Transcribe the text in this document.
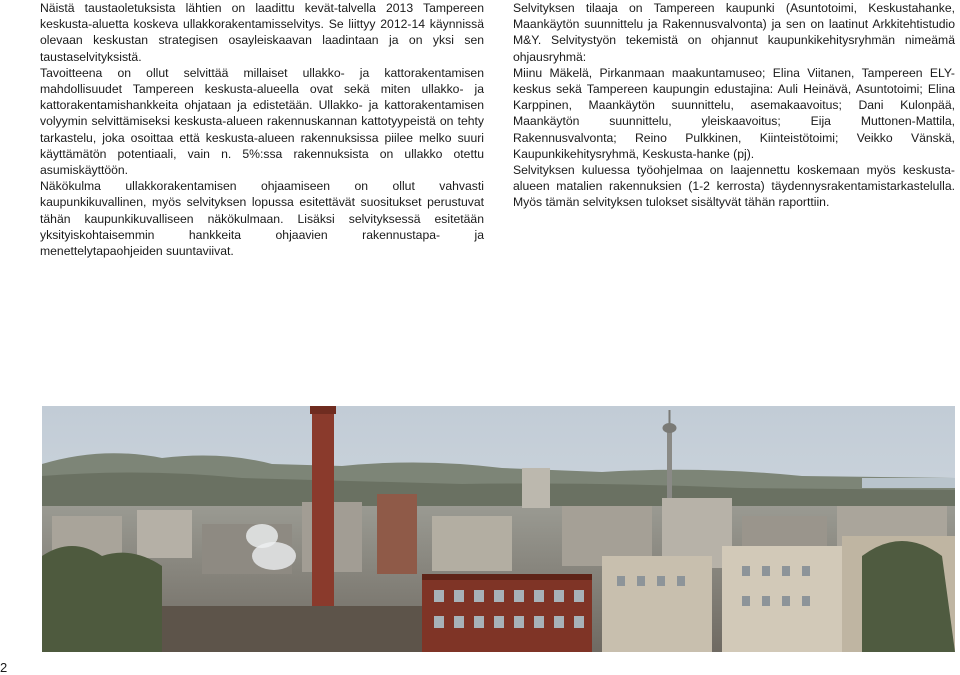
Näistä taustaoletuksista lähtien on laadittu kevät-talvella 2013 Tampereen keskusta-aluetta koskeva ullakkorakentamisselvitys. Se liittyy 2012-14 käynnissä olevaan keskustan strategisen osayleiskaavan laadintaan ja on yksi sen taustaselvityksistä.

Tavoitteena on ollut selvittää millaiset ullakko- ja kattorakentamisen mahdollisuudet Tampereen keskusta-alueella ovat sekä miten ullakko- ja kattorakentamishankkeita ohjataan ja edistetään. Ullakko- ja kattorakentamisen volyymin selvittämiseksi keskusta-alueen rakennuskannan kattotyypeistä on tehty tarkastelu, joka osoittaa että keskusta-alueen rakennuksissa piilee melko suuri käyttämätön potentiaali, vain n. 5%:ssa rakennuksista on ullakko otettu asumiskäyttöön.

Näkökulma ullakkorakentamisen ohjaamiseen on ollut vahvasti kaupunkikuvallinen, myös selvityksen lopussa esitettävät suositukset perustuvat tähän kaupunkikuvalliseen näkökulmaan. Lisäksi selvityksessä esitetään yksityiskohtaisemmin hankkeita ohjaavien rakennustapa- ja menettelytapaohjeiden suuntaviivat.

Selvityksen tilaaja on Tampereen kaupunki (Asuntotoimi, Keskustahanke, Maankäytön suunnittelu ja Rakennusvalvonta) ja sen on laatinut Arkkitehtistudio M&Y. Selvitystyön tekemistä on ohjannut kaupunkikehitysryhmän nimeämä ohjausryhmä:

Miinu Mäkelä, Pirkanmaan maakuntamuseo; Elina Viitanen, Tampereen ELY-keskus sekä Tampereen kaupungin edustajina: Auli Heinävä, Asuntotoimi; Elina Karppinen, Maankäytön suunnittelu, asemakaavoitus; Dani Kulonpää, Maankäytön suunnittelu, yleiskaavoitus; Eija Muttonen-Mattila, Rakennusvalvonta; Reino Pulkkinen, Kiinteistötoimi; Veikko Vänskä, Kaupunkikehitysryhmä, Keskusta-hanke (pj).

Selvityksen kuluessa työohjelmaa on laajennettu koskemaan myös keskusta-alueen matalien rakennuksien (1-2 kerrosta) täydennysrakentamistarkastelulla. Myös tämän selvityksen tulokset sisältyvät tähän raporttiin.

2
